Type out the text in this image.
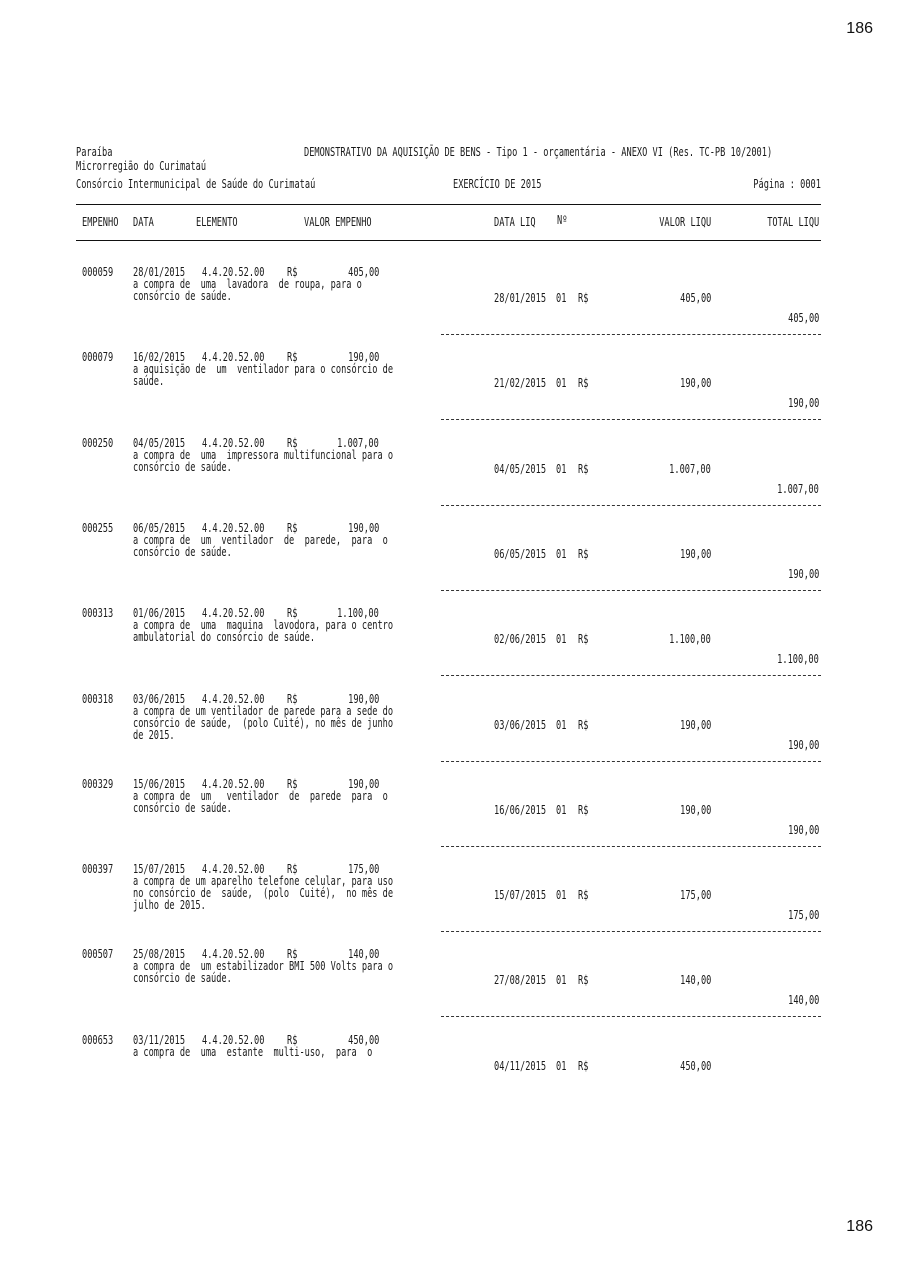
186
Paraíba	DEMONSTRATIVO DA AQUISIÇÃO DE BENS - Tipo 1 - orçamentária - ANEXO VI (Res. TC-PB 10/2001)
Microrregião do Curimataú
Consórcio Intermunicipal de Saúde do Curimataú	EXERCÍCIO DE 2015	Página : 0001
EMPENHO DATA	ELEMENTO	VALOR EMPENHO	DATA LIQ Nº	VALOR LIQU	TOTAL LIQU
000059 28/01/2015 4.4.20.52.00 R$	405,00
a compra de  uma  lavadora  de roupa, para o
consórcio de saúde.	28/01/2015 01 R$	405,00
405,00
000079 16/02/2015 4.4.20.52.00 R$	190,00
a aquisição de  um  ventilador para o consórcio de
saúde.	21/02/2015 01 R$	190,00
190,00
000250 04/05/2015 4.4.20.52.00 R$	1.007,00
a compra de  uma  impressora multifuncional para o
consórcio de saúde.	04/05/2015 01 R$	1.007,00
1.007,00
000255 06/05/2015 4.4.20.52.00 R$	190,00
a compra de  um  ventilador  de  parede,  para  o
consórcio de saúde.	06/05/2015 01 R$	190,00
190,00
000313 01/06/2015 4.4.20.52.00 R$	1.100,00
a compra de  uma  maquina  lavodora, para o centro
ambulatorial do consórcio de saúde.	02/06/2015 01 R$	1.100,00
1.100,00
000318 03/06/2015 4.4.20.52.00 R$	190,00
a compra de um ventilador de parede para a sede do
consórcio de saúde,  (polo Cuité), no mês de junho
de 2015.
03/06/2015 01 R$	190,00
190,00
000329 15/06/2015 4.4.20.52.00 R$	190,00
a compra de  um   ventilador  de  parede  para  o
consórcio de saúde.	16/06/2015 01 R$	190,00
190,00
000397 15/07/2015 4.4.20.52.00 R$	175,00
a compra de um aparelho telefone celular, para uso
no consórcio de  saúde,  (polo  Cuité),  no mês de
julho de 2015.
15/07/2015 01 R$	175,00
175,00
000507 25/08/2015 4.4.20.52.00 R$	140,00
a compra de  um estabilizador BMI 500 Volts para o
consórcio de saúde.	27/08/2015 01 R$	140,00
140,00
000653 03/11/2015 4.4.20.52.00 R$	450,00
a compra de  uma  estante  multi-uso,  para  o
04/11/2015 01 R$	450,00
186
